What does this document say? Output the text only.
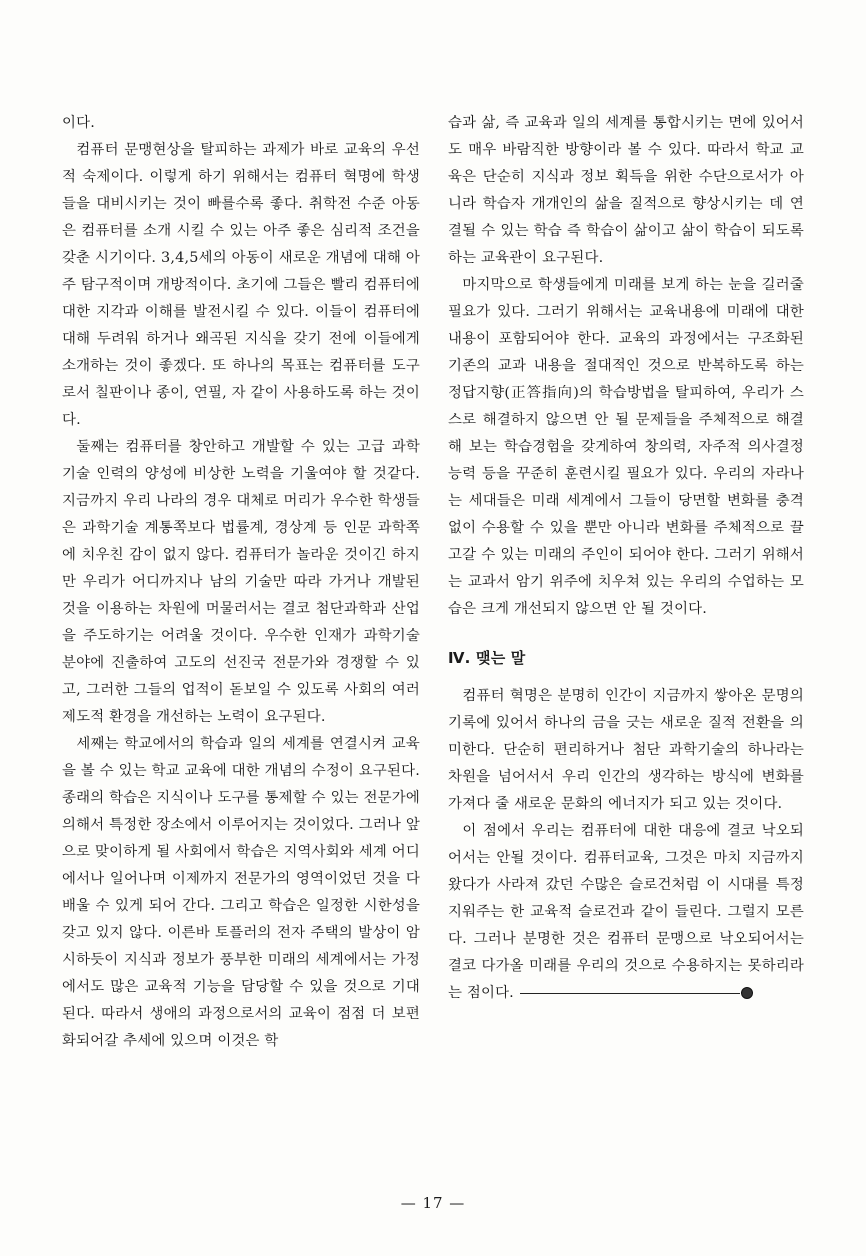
이다.

컴퓨터 문맹현상을 탈피하는 과제가 바로 교육의 우선적 숙제이다. 이렇게 하기 위해서는 컴퓨터 혁명에 학생들을 대비시키는 것이 빠를수록 좋다. 취학전 수준 아동은 컴퓨터를 소개 시킬 수 있는 아주 좋은 심리적 조건을 갖춘 시기이다. 3,4,5세의 아동이 새로운 개념에 대해 아주 탐구적이며 개방적이다. 초기에 그들은 빨리 컴퓨터에 대한 지각과 이해를 발전시킬 수 있다. 이들이 컴퓨터에 대해 두려워 하거나 왜곡된 지식을 갖기 전에 이들에게 소개하는 것이 좋겠다. 또 하나의 목표는 컴퓨터를 도구로서 칠판이나 종이, 연필, 자 같이 사용하도록 하는 것이다.

둘째는 컴퓨터를 창안하고 개발할 수 있는 고급 과학기술 인력의 양성에 비상한 노력을 기울여야 할 것같다. 지금까지 우리 나라의 경우 대체로 머리가 우수한 학생들은 과학기술 계통쪽보다 법률계, 경상계 등 인문 과학쪽에 치우친 감이 없지 않다. 컴퓨터가 놀라운 것이긴 하지만 우리가 어디까지나 남의 기술만 따라 가거나 개발된 것을 이용하는 차원에 머물러서는 결코 첨단과학과 산업을 주도하기는 어려울 것이다. 우수한 인재가 과학기술 분야에 진출하여 고도의 선진국 전문가와 경쟁할 수 있고, 그러한 그들의 업적이 돋보일 수 있도록 사회의 여러 제도적 환경을 개선하는 노력이 요구된다.

세째는 학교에서의 학습과 일의 세계를 연결시켜 교육을 볼 수 있는 학교 교육에 대한 개념의 수정이 요구된다. 종래의 학습은 지식이나 도구를 통제할 수 있는 전문가에 의해서 특정한 장소에서 이루어지는 것이었다. 그러나 앞으로 맞이하게 될 사회에서 학습은 지역사회와 세계 어디에서나 일어나며 이제까지 전문가의 영역이었던 것을 다 배울 수 있게 되어 간다. 그리고 학습은 일정한 시한성을 갖고 있지 않다. 이른바 토플러의 전자 주택의 발상이 암시하듯이 지식과 정보가 풍부한 미래의 세계에서는 가정에서도 많은 교육적 기능을 담당할 수 있을 것으로 기대된다. 따라서 생애의 과정으로서의 교육이 점점 더 보편화되어갈 추세에 있으며 이것은 학

습과 삶, 즉 교육과 일의 세계를 통합시키는 면에 있어서도 매우 바람직한 방향이라 볼 수 있다. 따라서 학교 교육은 단순히 지식과 정보 획득을 위한 수단으로서가 아니라 학습자 개개인의 삶을 질적으로 향상시키는 데 연결될 수 있는 학습 즉 학습이 삶이고 삶이 학습이 되도록 하는 교육관이 요구된다.

마지막으로 학생들에게 미래를 보게 하는 눈을 길러줄 필요가 있다. 그러기 위해서는 교육내용에 미래에 대한 내용이 포함되어야 한다. 교육의 과정에서는 구조화된 기존의 교과 내용을 절대적인 것으로 반복하도록 하는 정답지향(正答指向)의 학습방법을 탈피하여, 우리가 스스로 해결하지 않으면 안 될 문제들을 주체적으로 해결해 보는 학습경험을 갖게하여 창의력, 자주적 의사결정 능력 등을 꾸준히 훈련시킬 필요가 있다. 우리의 자라나는 세대들은 미래 세계에서 그들이 당면할 변화를 충격 없이 수용할 수 있을 뿐만 아니라 변화를 주체적으로 끌고갈 수 있는 미래의 주인이 되어야 한다. 그러기 위해서는 교과서 암기 위주에 치우쳐 있는 우리의 수업하는 모습은 크게 개선되지 않으면 안 될 것이다.

Ⅳ. 맺는 말

컴퓨터 혁명은 분명히 인간이 지금까지 쌓아온 문명의 기록에 있어서 하나의 금을 긋는 새로운 질적 전환을 의미한다. 단순히 편리하거나 첨단 과학기술의 하나라는 차원을 넘어서서 우리 인간의 생각하는 방식에 변화를 가져다 줄 새로운 문화의 에너지가 되고 있는 것이다.

이 점에서 우리는 컴퓨터에 대한 대응에 결코 낙오되어서는 안될 것이다. 컴퓨터교육, 그것은 마치 지금까지 왔다가 사라져 갔던 수많은 슬로건처럼 이 시대를 특정지워주는 한 교육적 슬로건과 같이 들린다. 그럴지 모른다. 그러나 분명한 것은 컴퓨터 문맹으로 낙오되어서는 결코 다가올 미래를 우리의 것으로 수용하지는 못하리라는 점이다.

— 17 —
